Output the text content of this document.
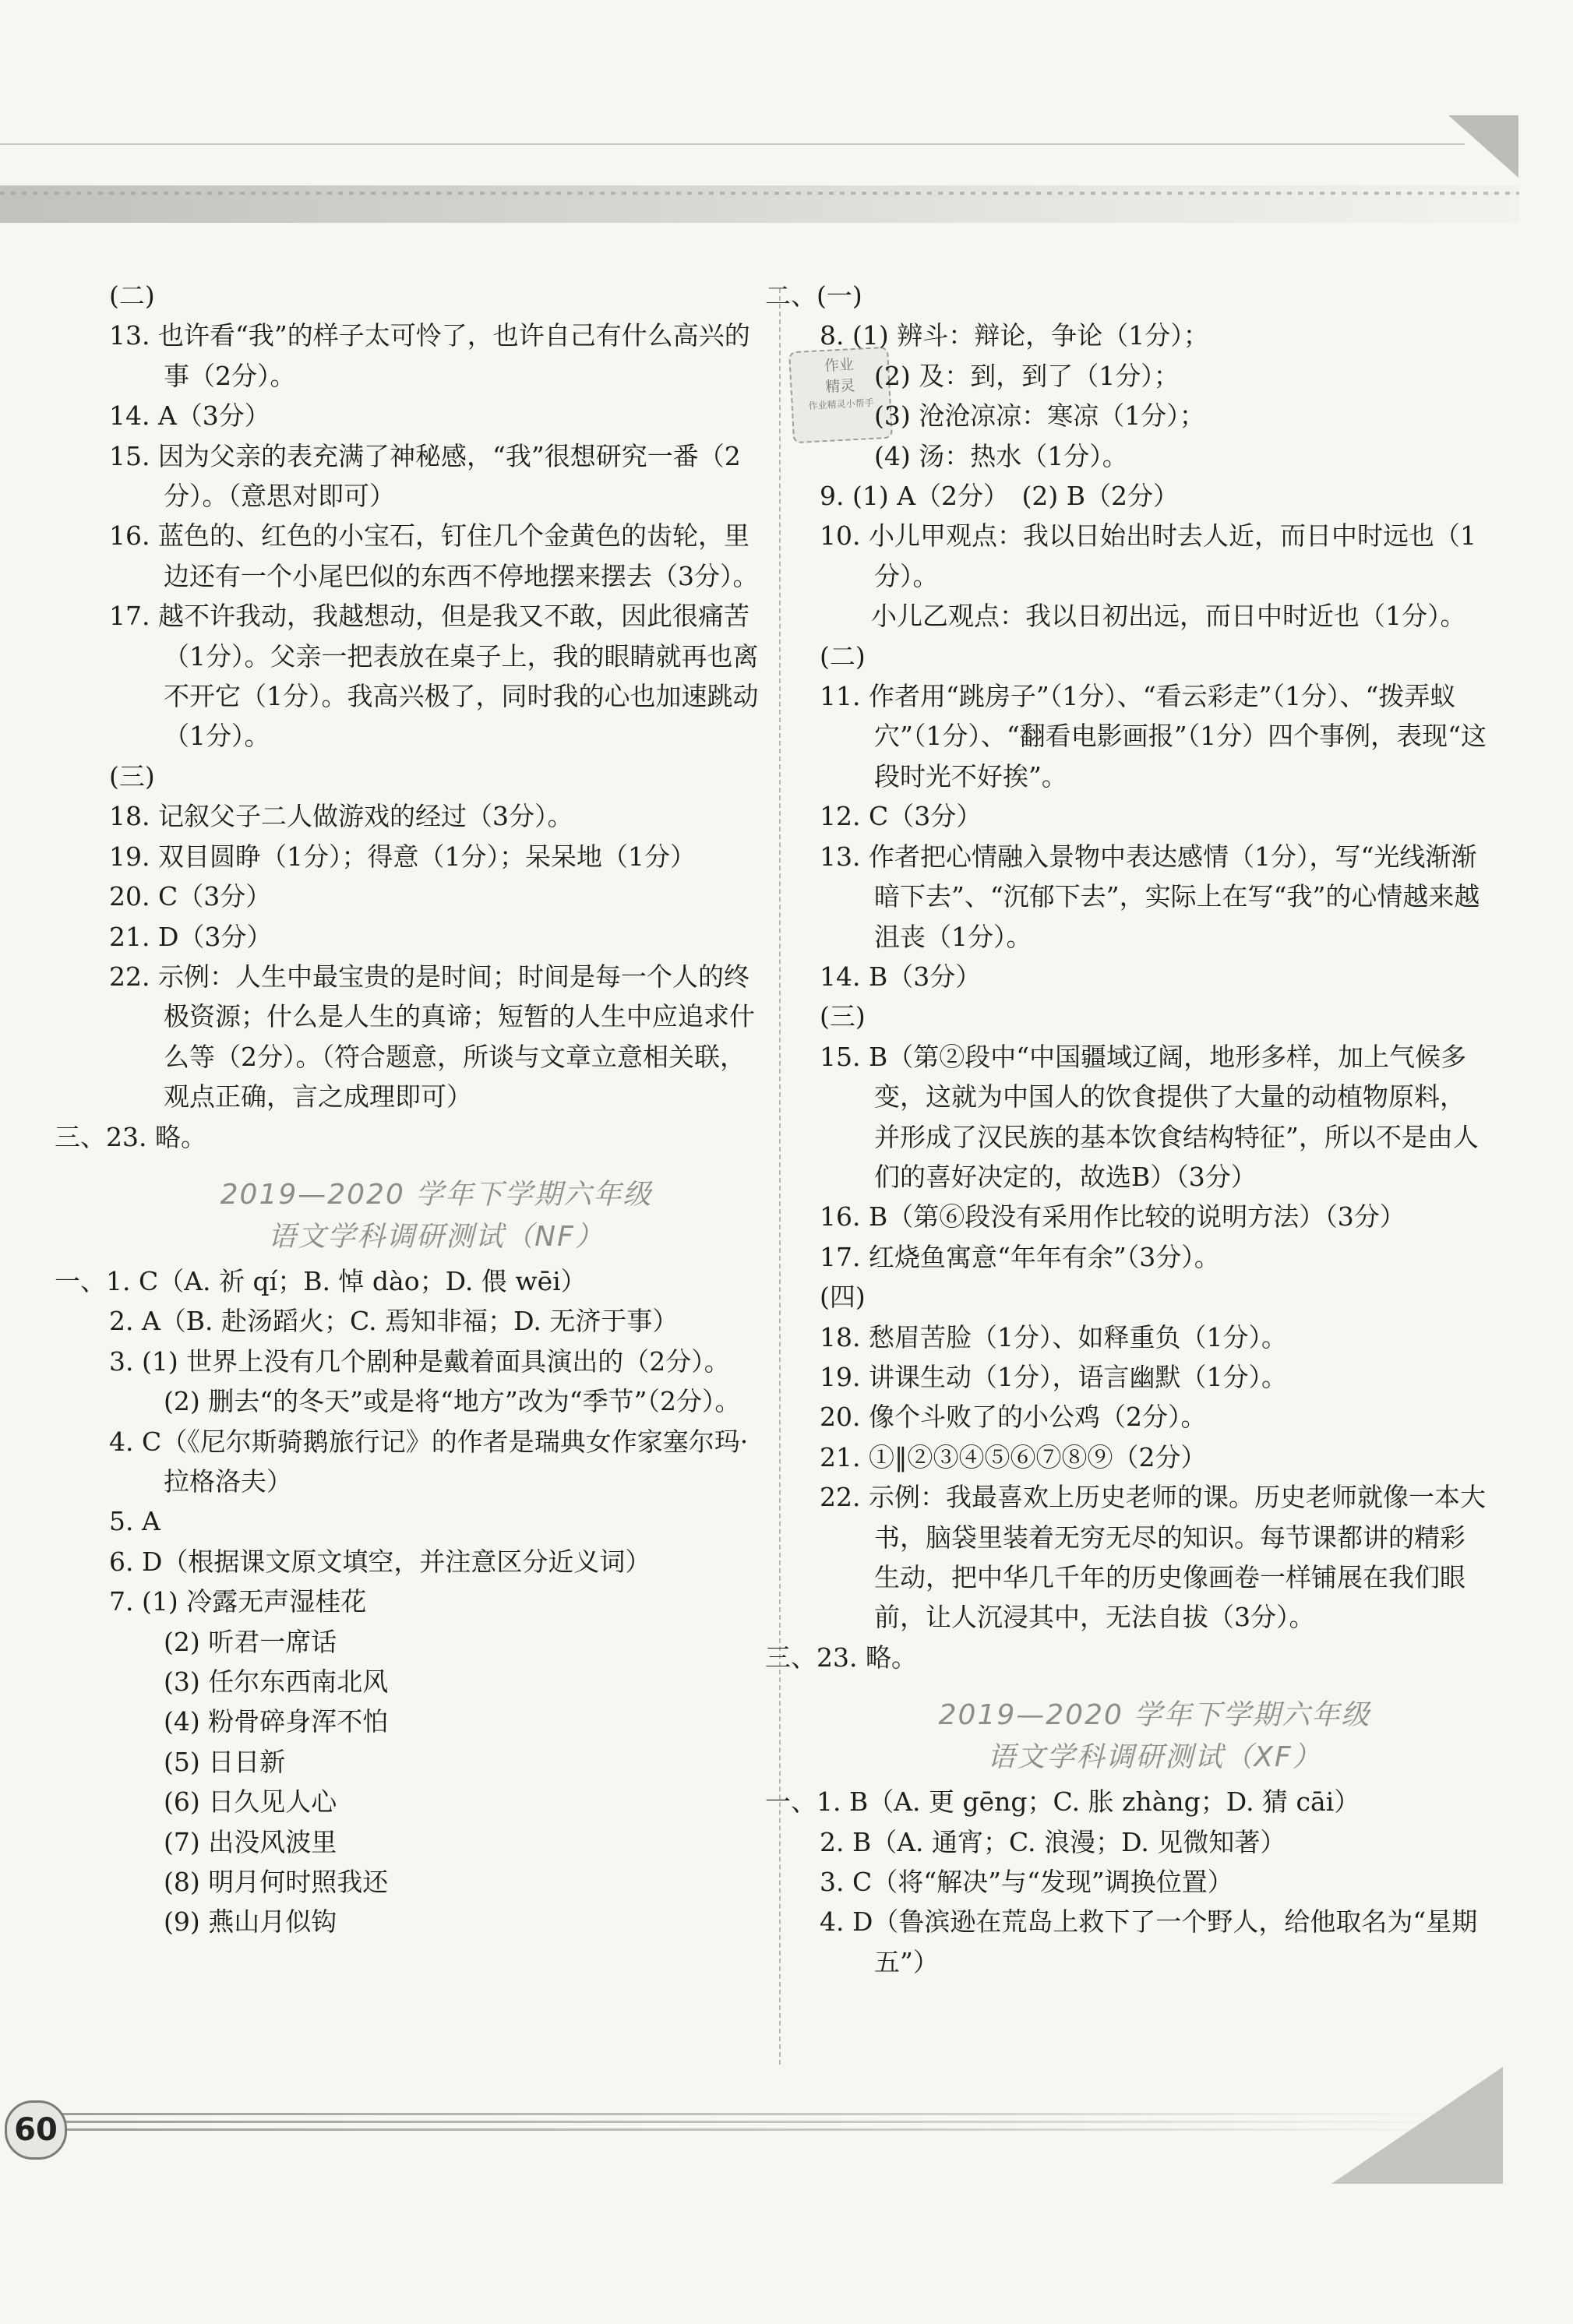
作业
精灵
作业精灵小帮手
(二)
13. 也许看“我”的样子太可怜了，也许自己有什么高兴的事（2分）。
14. A（3分）
15. 因为父亲的表充满了神秘感，“我”很想研究一番（2分）。（意思对即可）
16. 蓝色的、红色的小宝石，钉住几个金黄色的齿轮，里边还有一个小尾巴似的东西不停地摆来摆去（3分）。
17. 越不许我动，我越想动，但是我又不敢，因此很痛苦（1分）。父亲一把表放在桌子上，我的眼睛就再也离不开它（1分）。我高兴极了，同时我的心也加速跳动（1分）。
(三)
18. 记叙父子二人做游戏的经过（3分）。
19. 双目圆睁（1分）；得意（1分）；呆呆地（1分）
20. C（3分）
21. D（3分）
22. 示例：人生中最宝贵的是时间；时间是每一个人的终极资源；什么是人生的真谛；短暂的人生中应追求什么等（2分）。（符合题意，所谈与文章立意相关联，观点正确，言之成理即可）
三、23. 略。
2019—2020 学年下学期六年级
语文学科调研测试（NF）
一、1. C（A. 祈 qí；B. 悼 dào；D. 偎 wēi）
2. A（B. 赴汤蹈火；C. 焉知非福；D. 无济于事）
3. (1) 世界上没有几个剧种是戴着面具演出的（2分）。
(2) 删去“的冬天”或是将“地方”改为“季节”（2分）。
4. C（《尼尔斯骑鹅旅行记》的作者是瑞典女作家塞尔玛·拉格洛夫）
5. A
6. D（根据课文原文填空，并注意区分近义词）
7. (1) 冷露无声湿桂花
(2) 听君一席话
(3) 任尔东西南北风
(4) 粉骨碎身浑不怕
(5) 日日新
(6) 日久见人心
(7) 出没风波里
(8) 明月何时照我还
(9) 燕山月似钩
二、(一)
8. (1) 辨斗：辩论，争论（1分）；
(2) 及：到，到了（1分）；
(3) 沧沧凉凉：寒凉（1分）；
(4) 汤：热水（1分）。
9. (1) A（2分）　(2) B（2分）
10. 小儿甲观点：我以日始出时去人近，而日中时远也（1分）。
　　小儿乙观点：我以日初出远，而日中时近也（1分）。
(二)
11. 作者用“跳房子”（1分）、“看云彩走”（1分）、“拨弄蚁穴”（1分）、“翻看电影画报”（1分）四个事例，表现“这段时光不好挨”。
12. C（3分）
13. 作者把心情融入景物中表达感情（1分），写“光线渐渐暗下去”、“沉郁下去”，实际上在写“我”的心情越来越沮丧（1分）。
14. B（3分）
(三)
15. B（第②段中“中国疆域辽阔，地形多样，加上气候多变，这就为中国人的饮食提供了大量的动植物原料，并形成了汉民族的基本饮食结构特征”，所以不是由人们的喜好决定的，故选B）（3分）
16. B（第⑥段没有采用作比较的说明方法）（3分）
17. 红烧鱼寓意“年年有余”（3分）。
(四)
18. 愁眉苦脸（1分）、如释重负（1分）。
19. 讲课生动（1分），语言幽默（1分）。
20. 像个斗败了的小公鸡（2分）。
21. ①‖②③④⑤⑥⑦⑧⑨（2分）
22. 示例：我最喜欢上历史老师的课。历史老师就像一本大书，脑袋里装着无穷无尽的知识。每节课都讲的精彩生动，把中华几千年的历史像画卷一样铺展在我们眼前，让人沉浸其中，无法自拔（3分）。
三、23. 略。
2019—2020 学年下学期六年级
语文学科调研测试（XF）
一、1. B（A. 更 gēng；C. 胀 zhàng；D. 猜 cāi）
2. B（A. 通宵；C. 浪漫；D. 见微知著）
3. C（将“解决”与“发现”调换位置）
4. D（鲁滨逊在荒岛上救下了一个野人，给他取名为“星期五”）
60
